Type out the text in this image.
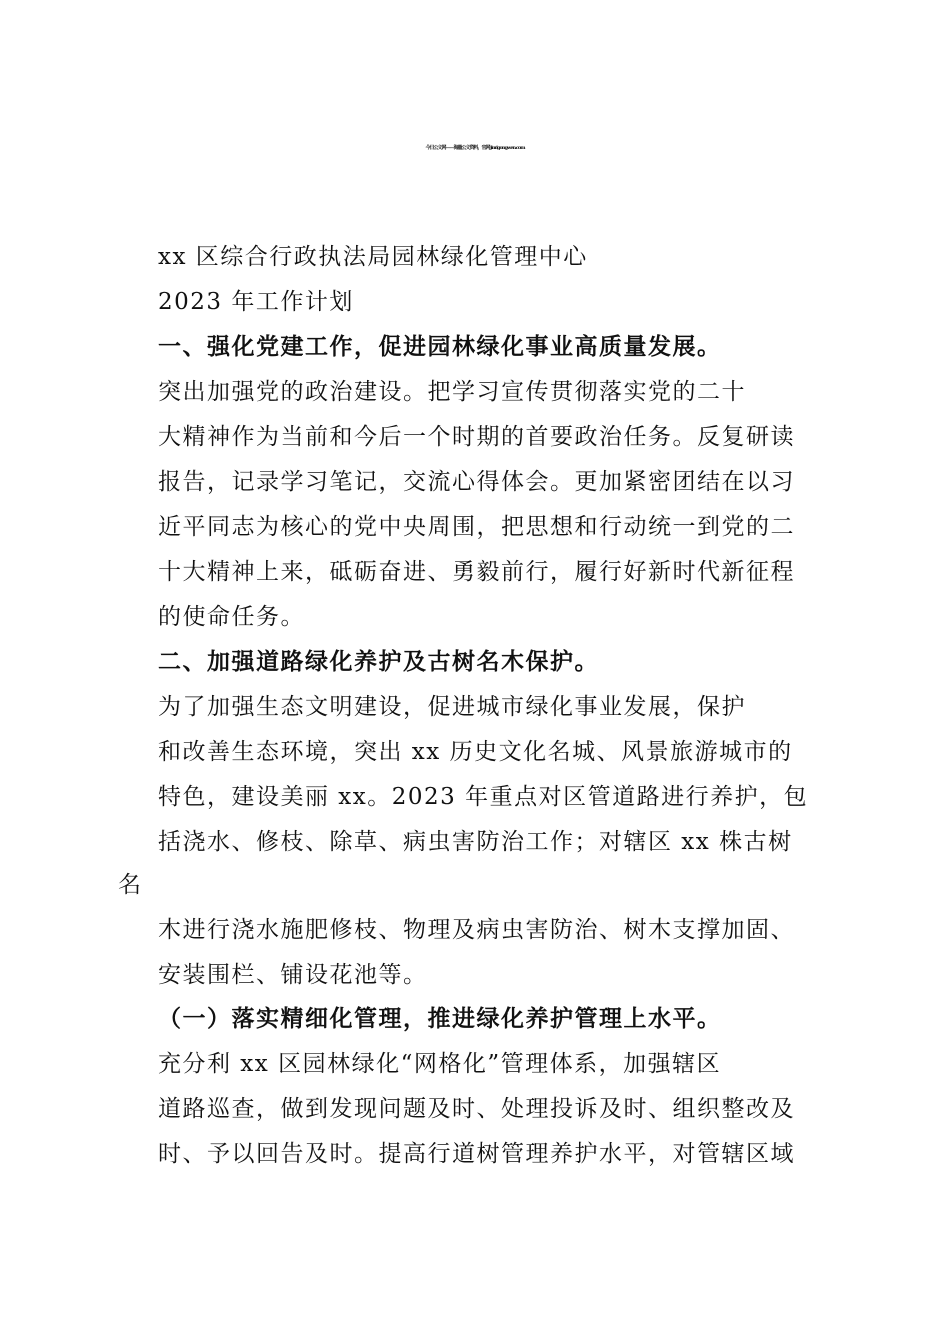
今日公文网——海量公文资料，官网 jinrigongwen.com
xx 区综合行政执法局园林绿化管理中心
2023 年工作计划
一、强化党建工作，促进园林绿化事业高质量发展。
突出加强党的政治建设。把学习宣传贯彻落实党的二十
大精神作为当前和今后一个时期的首要政治任务。反复研读
报告，记录学习笔记，交流心得体会。更加紧密团结在以习
近平同志为核心的党中央周围，把思想和行动统一到党的二
十大精神上来，砥砺奋进、勇毅前行，履行好新时代新征程
的使命任务。
二、加强道路绿化养护及古树名木保护。
为了加强生态文明建设，促进城市绿化事业发展，保护
和改善生态环境，突出 xx 历史文化名城、风景旅游城市的
特色，建设美丽 xx。2023 年重点对区管道路进行养护，包
括浇水、修枝、除草、病虫害防治工作；对辖区 xx 株古树
名
木进行浇水施肥修枝、物理及病虫害防治、树木支撑加固、
安装围栏、铺设花池等。
（一）落实精细化管理，推进绿化养护管理上水平。
充分利 xx 区园林绿化“网格化”管理体系，加强辖区
道路巡查，做到发现问题及时、处理投诉及时、组织整改及
时、予以回告及时。提高行道树管理养护水平，对管辖区域
